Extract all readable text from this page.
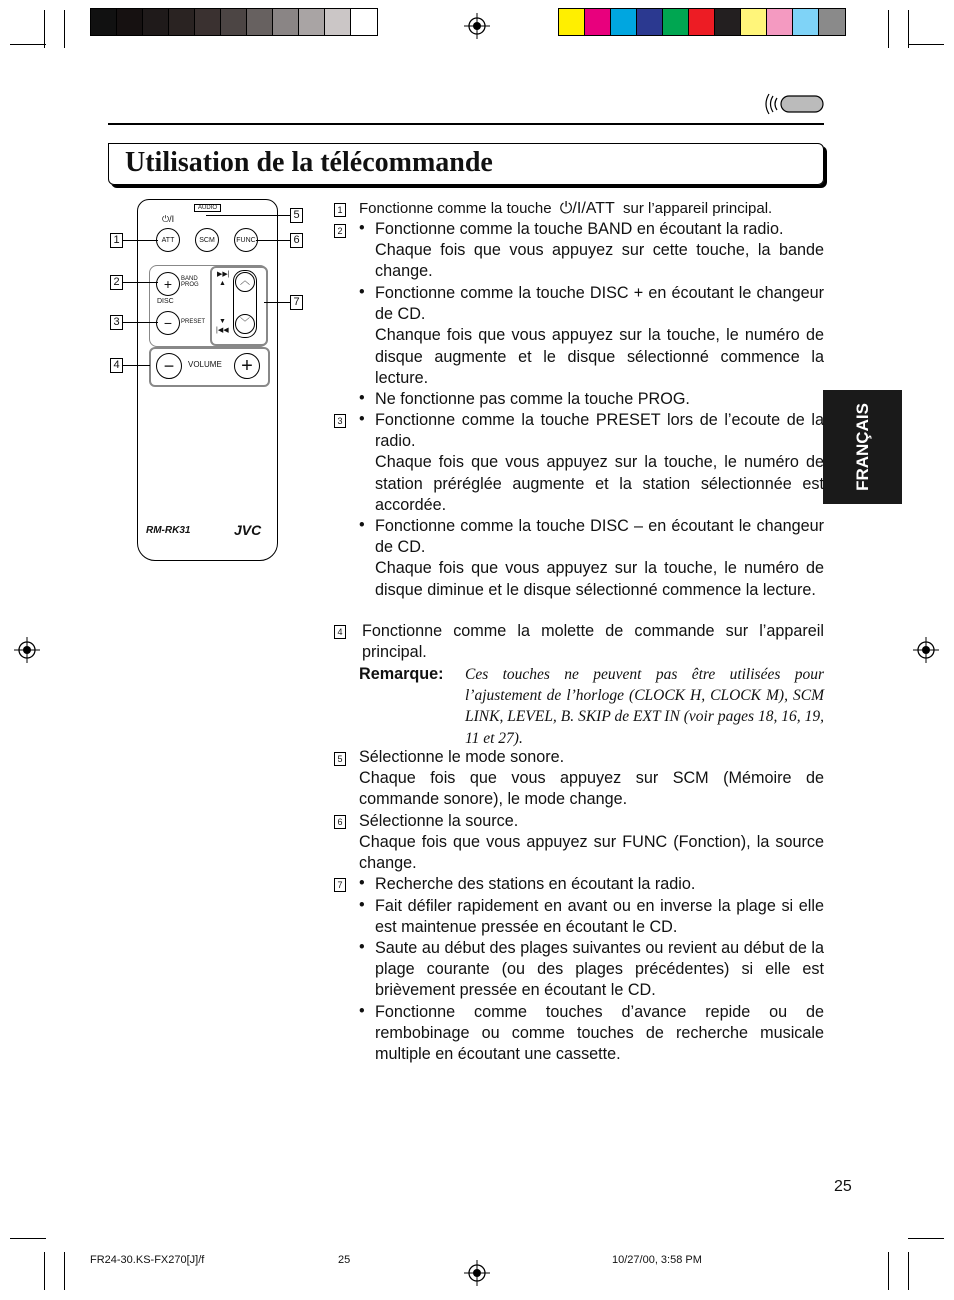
Utilisation de la télécommande
FRANÇAIS
AUDIO
⏻/I
ATT	SCM	FUNC
+	BAND
PROG
DISC
−	PRESET
▶▶|
▲
▼
|◀◀
︿
﹀
−	VOLUME +
RM-RK31	JVC
1
2
3
4
5
6
7
1 Fonctionne comme la touche ⏻/I/ATT sur l’appareil principal.
2 • Fonctionne comme la touche BAND en écoutant la radio.
Chaque fois que vous appuyez sur cette touche, la bande change.
• Fonctionne comme la touche DISC + en écoutant le changeur de CD.
Chanque fois que vous appuyez sur la touche, le numéro de disque augmente et le disque sélectionné commence la lecture.
• Ne fonctionne pas comme la touche PROG.
3 • Fonctionne comme la touche PRESET lors de l’ecoute de la radio.
Chaque fois que vous appuyez sur la touche, le numéro de station préréglée augmente et la station sélectionnée est accordée.
• Fonctionne comme la touche DISC – en écoutant le changeur de CD.
Chaque fois que vous appuyez sur la touche, le numéro de disque diminue et le disque sélectionné commence la lecture.
4 Fonctionne comme la molette de commande sur l’appareil principal.
Remarque: Ces touches ne peuvent pas être utilisées pour l’ajustement de l’horloge (CLOCK H, CLOCK M), SCM LINK, LEVEL, B. SKIP de EXT IN (voir pages 18, 16, 19, 11 et 27).
5 Sélectionne le mode sonore.
Chaque fois que vous appuyez sur SCM (Mémoire de commande sonore), le mode change.
6 Sélectionne la source.
Chaque fois que vous appuyez sur FUNC (Fonction), la source change.
7 • Recherche des stations en écoutant la radio.
• Fait défiler rapidement en avant ou en inverse la plage si elle est maintenue pressée en écoutant le CD.
• Saute au début des plages suivantes ou revient au début de la plage courante (ou des plages précédentes) si elle est brièvement pressée en écoutant le CD.
• Fonctionne comme touches d’avance repide ou de rembobinage ou comme touches de recherche musicale multiple en écoutant une cassette.
25
FR24-30.KS-FX270[J]/f	25	10/27/00, 3:58 PM
